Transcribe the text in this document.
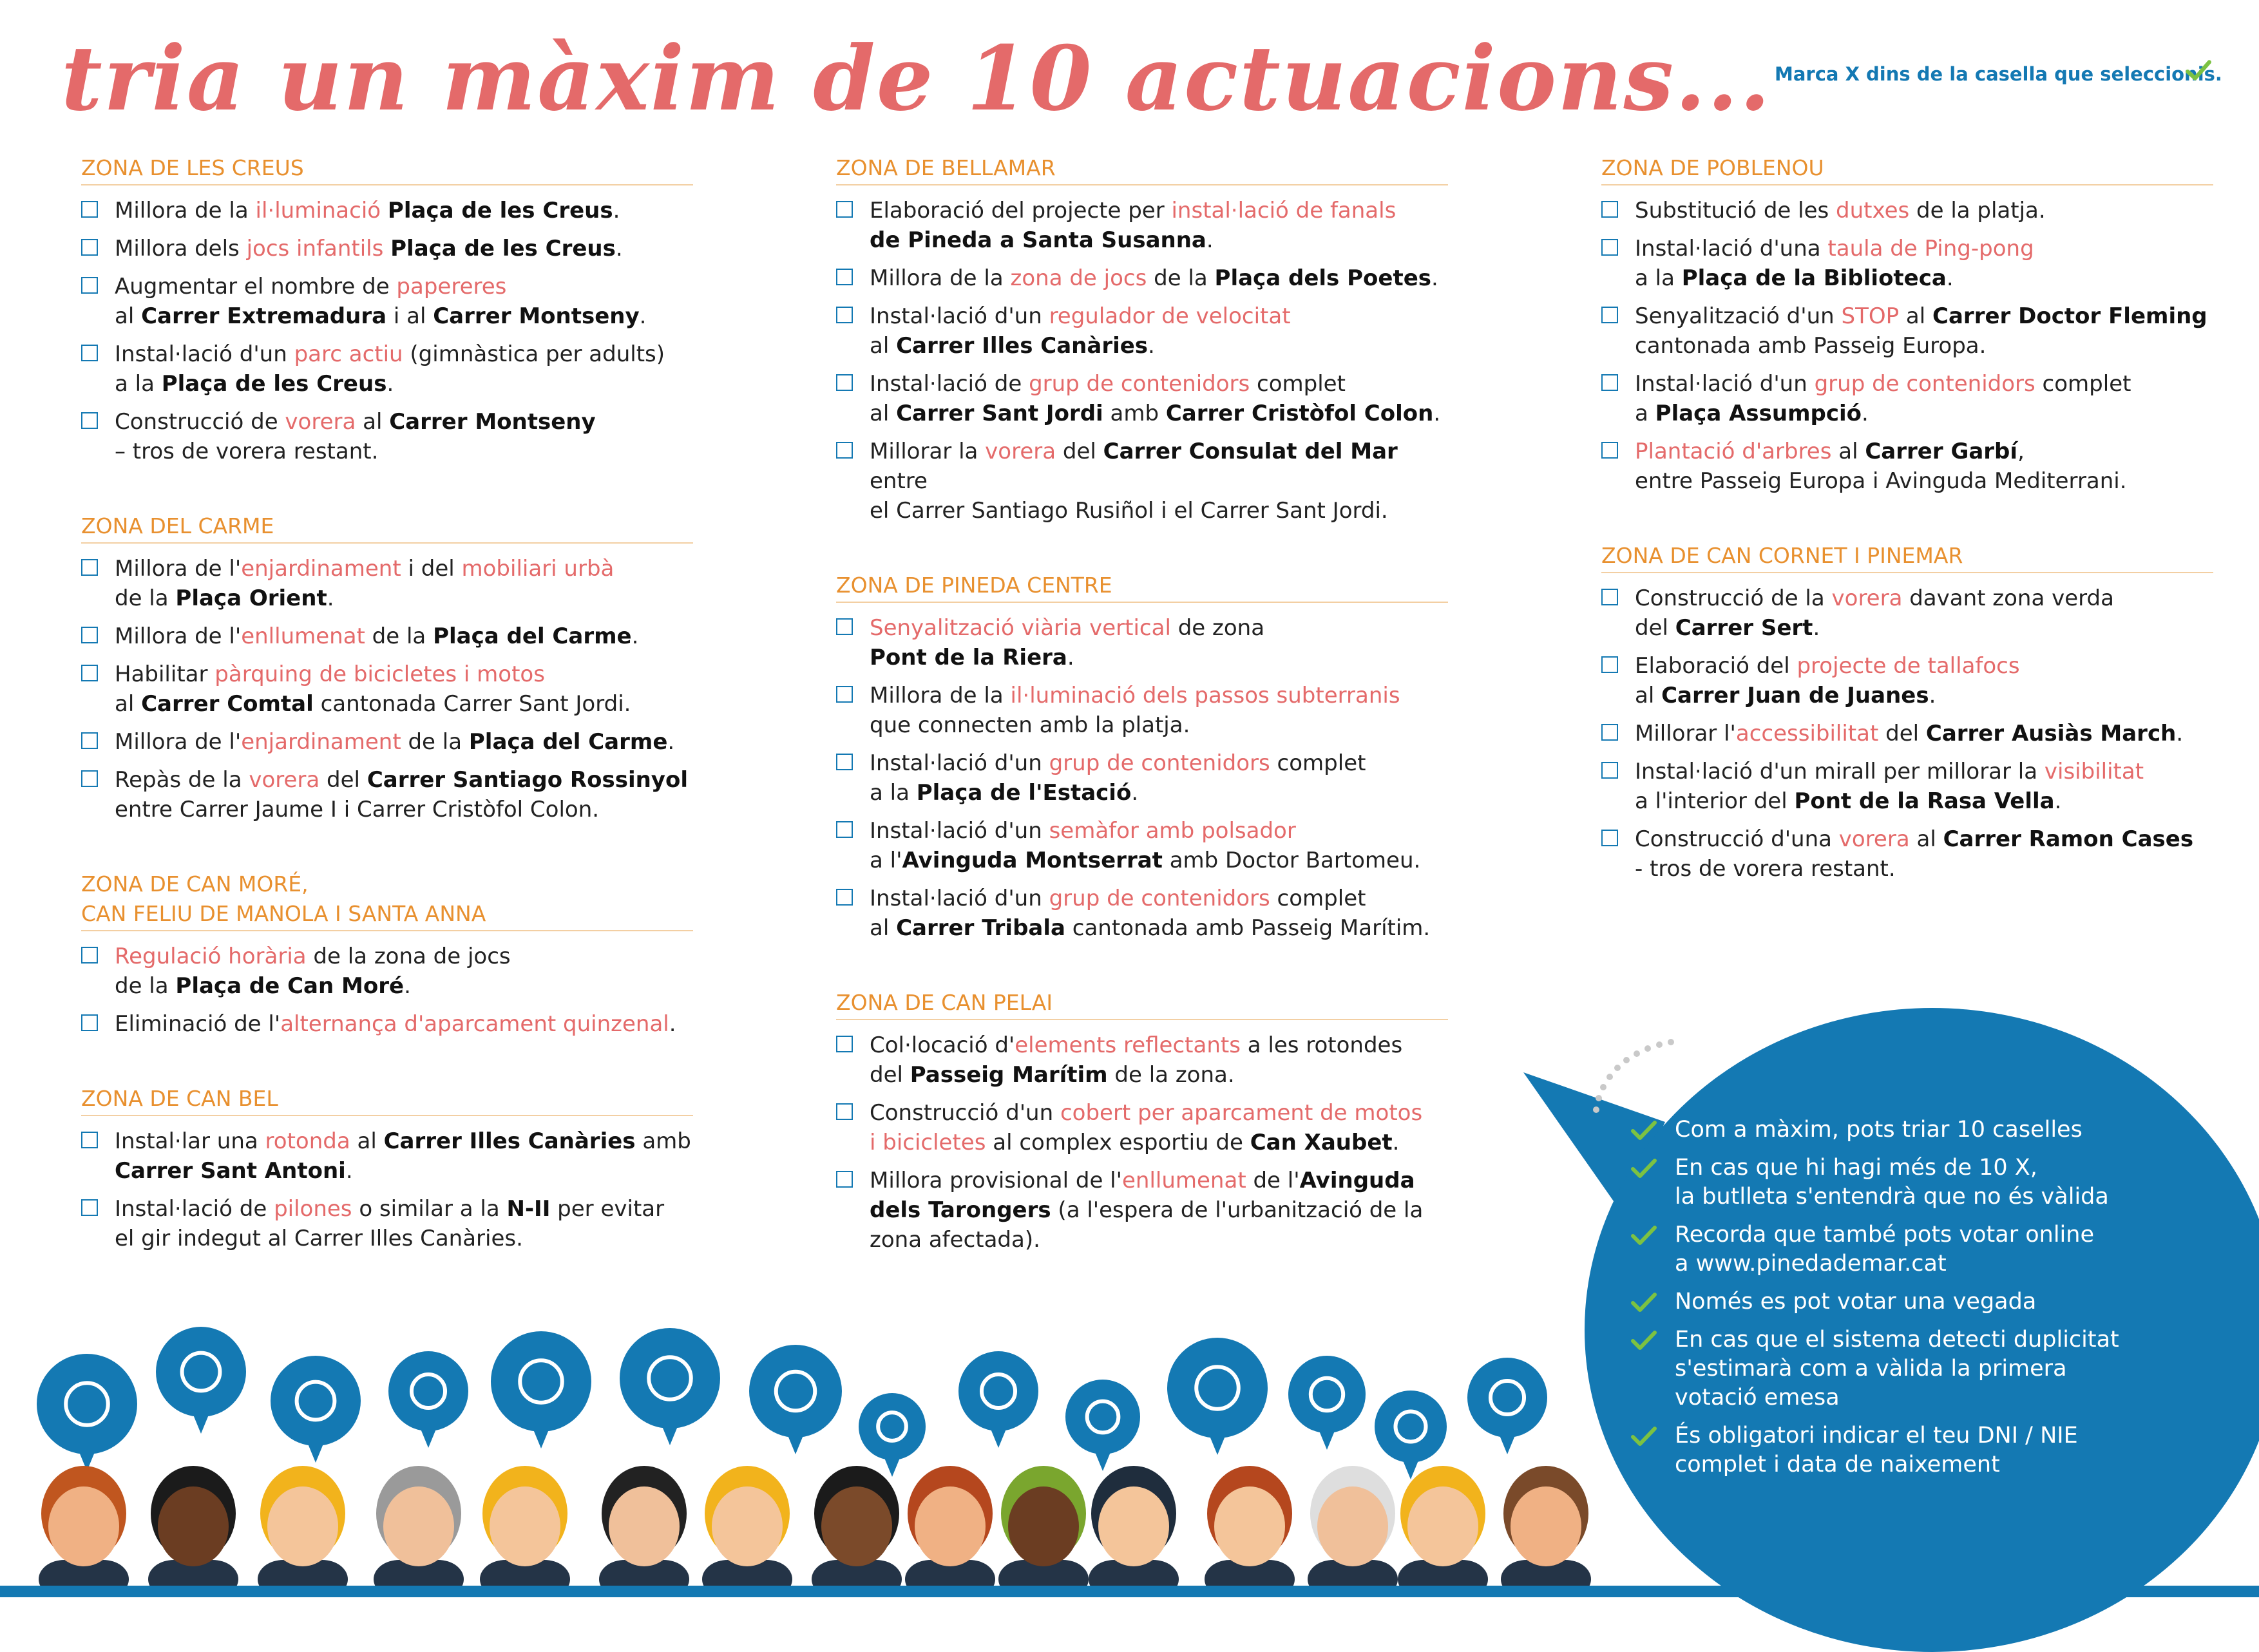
tria un màxim de 10 actuacions... Marca X dins de la casella que seleccionis.
ZONA DE LES CREUS
Millora de la il·luminació Plaça de les Creus.
Millora dels jocs infantils Plaça de les Creus.
Augmentar el nombre de papereres
al Carrer Extremadura i al Carrer Montseny.
Instal·lació d'un parc actiu (gimnàstica per adults)
a la Plaça de les Creus.
Construcció de vorera al Carrer Montseny
– tros de vorera restant.
ZONA DEL CARME
Millora de l'enjardinament i del mobiliari urbà
de la Plaça Orient.
Millora de l'enllumenat de la Plaça del Carme.
Habilitar pàrquing de bicicletes i motos
al Carrer Comtal cantonada Carrer Sant Jordi.
Millora de l'enjardinament de la Plaça del Carme.
Repàs de la vorera del Carrer Santiago Rossinyol
entre Carrer Jaume I i Carrer Cristòfol Colon.
ZONA DE CAN MORÉ,
CAN FELIU DE MANOLA I SANTA ANNA
Regulació horària de la zona de jocs
de la Plaça de Can Moré.
Eliminació de l'alternança d'aparcament quinzenal.
ZONA DE CAN BEL
Instal·lar una rotonda al Carrer Illes Canàries amb
Carrer Sant Antoni.
Instal·lació de pilones o similar a la N-II per evitar
el gir indegut al Carrer Illes Canàries.
ZONA DE BELLAMAR
Elaboració del projecte per instal·lació de fanals
de Pineda a Santa Susanna.
Millora de la zona de jocs de la Plaça dels Poetes.
Instal·lació d'un regulador de velocitat
al Carrer Illes Canàries.
Instal·lació de grup de contenidors complet
al Carrer Sant Jordi amb Carrer Cristòfol Colon.
Millorar la vorera del Carrer Consulat del Mar entre
el Carrer Santiago Rusiñol i el Carrer Sant Jordi.
ZONA DE PINEDA CENTRE
Senyalització viària vertical de zona
Pont de la Riera.
Millora de la il·luminació dels passos subterranis
que connecten amb la platja.
Instal·lació d'un grup de contenidors complet
a la Plaça de l'Estació.
Instal·lació d'un semàfor amb polsador
a l'Avinguda Montserrat amb Doctor Bartomeu.
Instal·lació d'un grup de contenidors complet
al Carrer Tribala cantonada amb Passeig Marítim.
ZONA DE CAN PELAI
Col·locació d'elements reflectants a les rotondes
del Passeig Marítim de la zona.
Construcció d'un cobert per aparcament de motos
i bicicletes al complex esportiu de Can Xaubet.
Millora provisional de l'enllumenat de l'Avinguda
dels Tarongers (a l'espera de l'urbanització de la
zona afectada).
ZONA DE POBLENOU
Substitució de les dutxes de la platja.
Instal·lació d'una taula de Ping-pong
a la Plaça de la Biblioteca.
Senyalització d'un STOP al Carrer Doctor Fleming
cantonada amb Passeig Europa.
Instal·lació d'un grup de contenidors complet
a Plaça Assumpció.
Plantació d'arbres al Carrer Garbí,
entre Passeig Europa i Avinguda Mediterrani.
ZONA DE CAN CORNET I PINEMAR
Construcció de la vorera davant zona verda
del Carrer Sert.
Elaboració del projecte de tallafocs
al Carrer Juan de Juanes.
Millorar l'accessibilitat del Carrer Ausiàs March.
Instal·lació d'un mirall per millorar la visibilitat
a l'interior del Pont de la Rasa Vella.
Construcció d'una vorera al Carrer Ramon Cases
- tros de vorera restant.
Com a màxim, pots triar 10 caselles
En cas que hi hagi més de 10 X,
la butlleta s'entendrà que no és vàlida
Recorda que també pots votar online
a www.pinedademar.cat
Només es pot votar una vegada
En cas que el sistema detecti duplicitat
s'estimarà com a vàlida la primera
votació emesa
És obligatori indicar el teu DNI / NIE
complet i data de naixement
